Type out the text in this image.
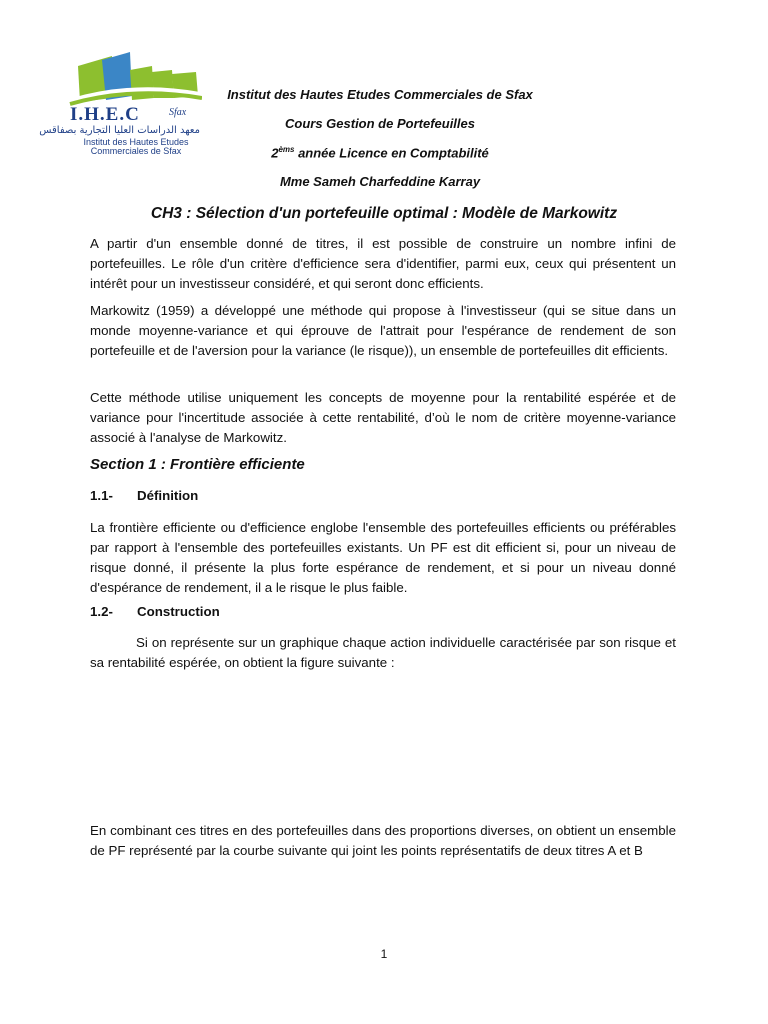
I.H.E.C	Sfax
معهد الدراسات العليا التجارية بصفاقس
Institut des Hautes Etudes
Commerciales de Sfax
Institut des Hautes Etudes Commerciales de Sfax
Cours Gestion de Portefeuilles
$2^{èms}$ année Licence en Comptabilité
Mme Sameh Charfeddine Karray
CH3 : Sélection d'un portefeuille optimal : Modèle de Markowitz

A partir d'un ensemble donné de titres, il est possible de construire un nombre infini de portefeuilles. Le rôle d'un critère d'efficience sera d'identifier, parmi eux, ceux qui présentent un intérêt pour un investisseur considéré, et qui seront donc efficients.

Markowitz (1959) a développé une méthode qui propose à l'investisseur (qui se situe dans un monde moyenne-variance et qui éprouve de l'attrait pour l'espérance de rendement de son portefeuille et de l'aversion pour la variance (le risque)), un ensemble de portefeuilles dit efficients.

Cette méthode utilise uniquement les concepts de moyenne pour la rentabilité espérée et de variance pour l'incertitude associée à cette rentabilité, d’où le nom de critère moyenne-variance associé à l'analyse de Markowitz.

Section 1 : Frontière efficiente
1.1- Définition

La frontière efficiente ou d'efficience englobe l'ensemble des portefeuilles efficients ou préférables par rapport à l'ensemble des portefeuilles existants. Un PF est dit efficient si, pour un niveau de risque donné, il présente la plus forte espérance de rendement, et si pour un niveau donné d'espérance de rendement, il a le risque le plus faible.

1.2- Construction

Si on représente sur un graphique chaque action individuelle caractérisée par son risque et sa rentabilité espérée, on obtient la figure suivante :

En combinant ces titres en des portefeuilles dans des proportions diverses, on obtient un ensemble de PF représenté par la courbe suivante qui joint les points représentatifs de deux titres A et B

1
